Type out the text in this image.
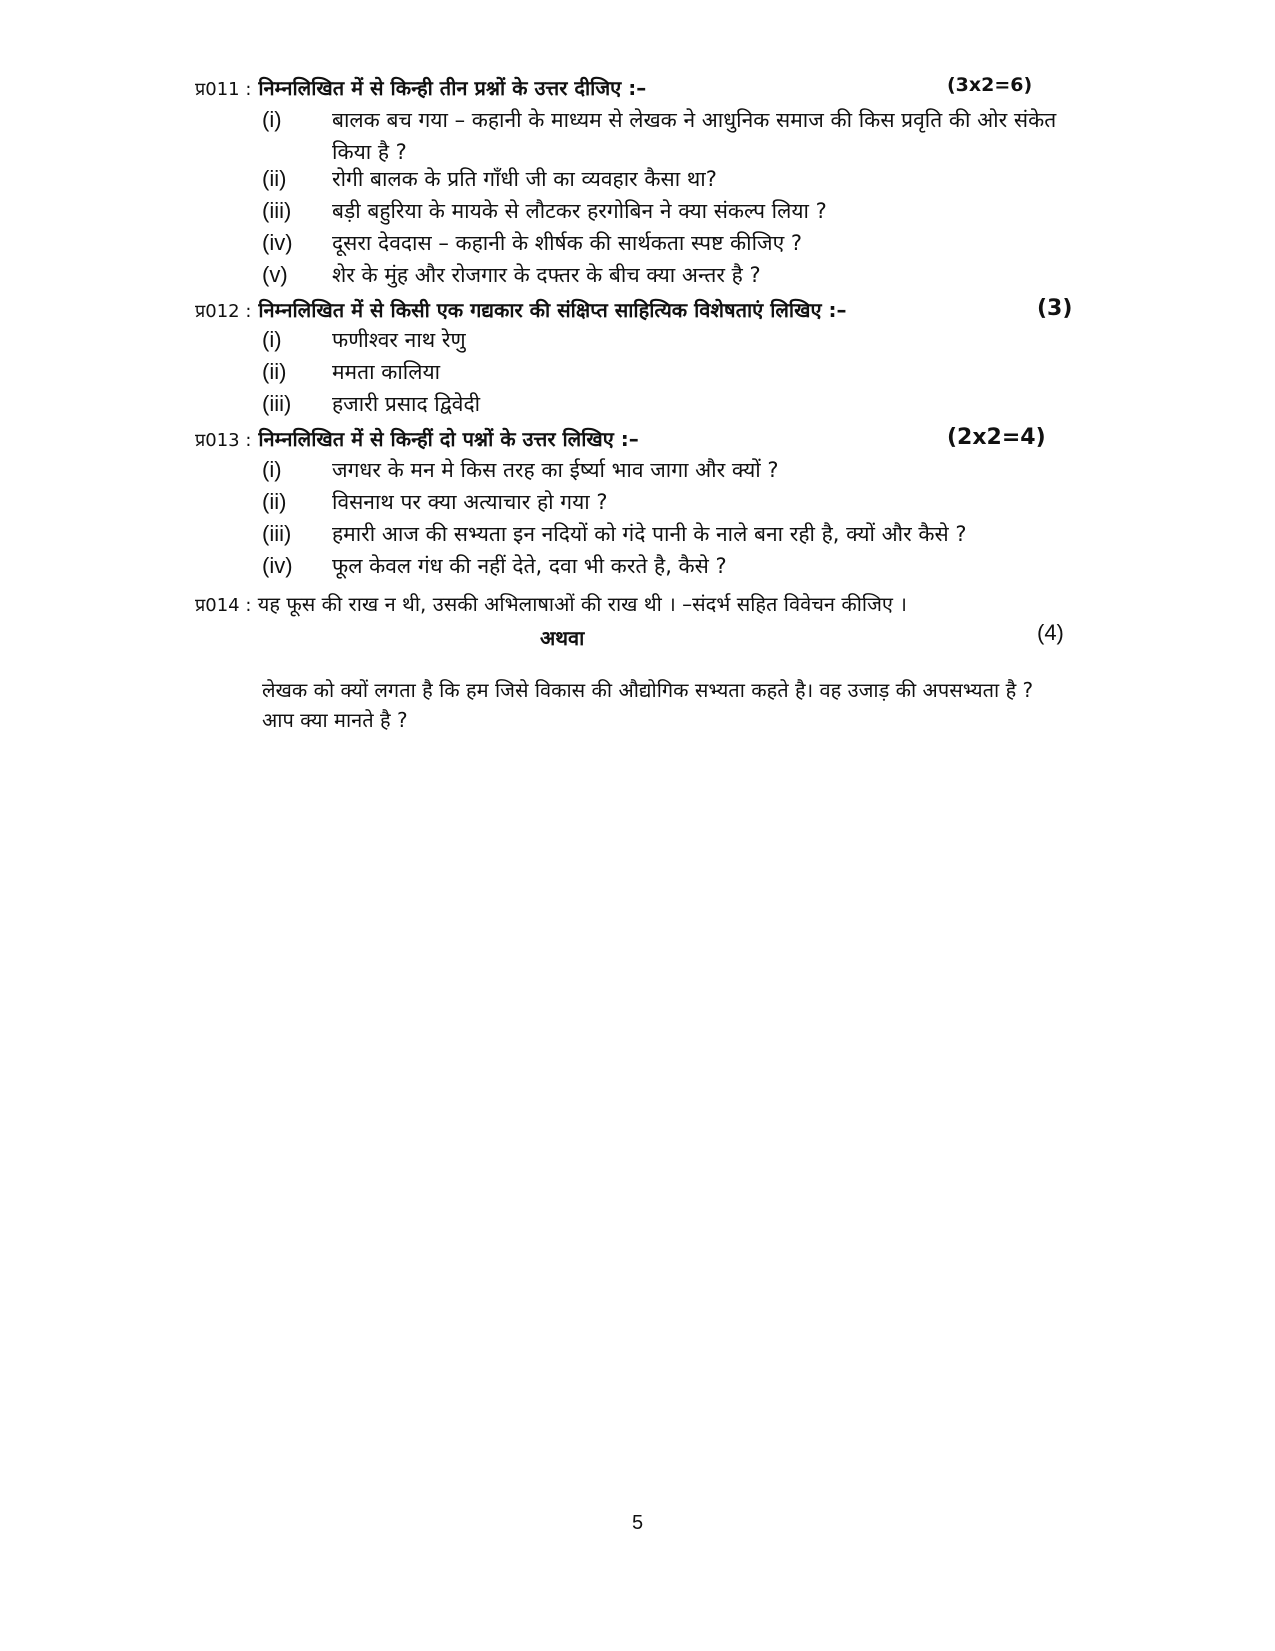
प्र011 : निम्नलिखित में से किन्ही तीन प्रश्नों के उत्तर दीजिए :–	(3x2=6)
(i) बालक बच गया – कहानी के माध्यम से लेखक ने आधुनिक समाज की किस प्रवृति की ओर संकेत किया है ?
(ii) रोगी बालक के प्रति गाँधी जी का व्यवहार कैसा था?
(iii) बड़ी बहुरिया के मायके से लौटकर हरगोबिन ने क्या संकल्प लिया ?
(iv) दूसरा देवदास – कहानी के शीर्षक की सार्थकता स्पष्ट कीजिए ?
(v) शेर के मुंह और रोजगार के दफ्तर के बीच क्या अन्तर है ?
प्र012 : निम्नलिखित में से किसी एक गद्यकार की संक्षिप्त साहित्यिक विशेषताएं लिखिए :–	(3)
(i) फणीश्वर नाथ रेणु
(ii) ममता कालिया
(iii) हजारी प्रसाद द्विवेदी
प्र013 : निम्नलिखित में से किन्हीं दो पश्नों के उत्तर लिखिए :–	(2x2=4)
(i) जगधर के मन मे किस तरह का ईर्ष्या भाव जागा और क्यों ?
(ii) विसनाथ पर क्या अत्याचार हो गया ?
(iii) हमारी आज की सभ्यता इन नदियों को गंदे पानी के नाले बना रही है, क्यों और कैसे ?
(iv) फूल केवल गंध की नहीं देते, दवा भी करते है, कैसे ?
प्र014 : यह फूस की राख न थी, उसकी अभिलाषाओं की राख थी । –संदर्भ सहित विवेचन कीजिए ।
अथवा	(4)
लेखक को क्यों लगता है कि हम जिसे विकास की औद्योगिक सभ्यता कहते है। वह उजाड़ की अपसभ्यता है ? आप क्या मानते है ?
5
